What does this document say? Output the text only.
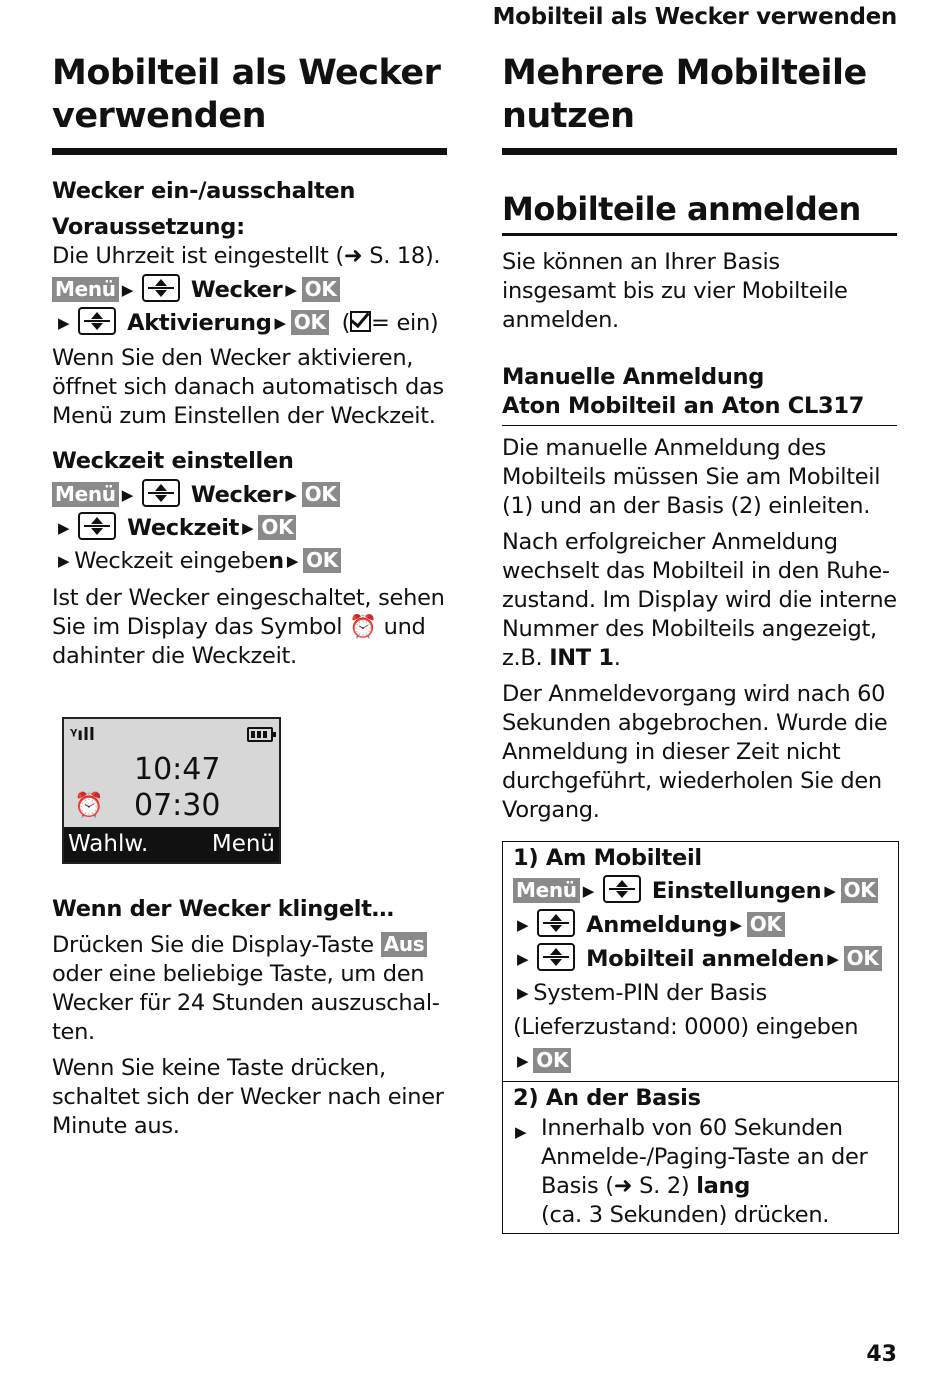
Mobilteil als Wecker verwenden
Mobilteil als Wecker verwenden
Wecker ein-/ausschalten
Voraussetzung:

Die Uhrzeit ist eingestellt (➜ S. 18).

Menü ▶	Wecker ▶ OK
▶	Aktivierung ▶ OK ( = ein)

Wenn Sie den Wecker aktivieren, öffnet sich danach automatisch das Menü zum Einstellen der Weckzeit.

Weckzeit einstellen
Menü ▶	Wecker ▶ OK
▶	Weckzeit ▶ OK
▶ Weckzeit eingeben ▶ OK

Ist der Wecker eingeschaltet, sehen Sie im Display das Symbol ⏰ und dahinter die Weckzeit.

ᵞıll
10:47
⏰ 07:30
Wahlw.	Menü
Wenn der Wecker klingelt…

Drücken Sie die Display-Taste Aus oder eine beliebige Taste, um den Wecker für 24 Stunden auszuschalten.

Wenn Sie keine Taste drücken, schaltet sich der Wecker nach einer Minute aus.

Mehrere Mobilteile nutzen
Mobilteile anmelden

Sie können an Ihrer Basis insgesamt bis zu vier Mobilteile anmelden.

Manuelle Anmeldung
Aton Mobilteil an Aton CL317

Die manuelle Anmeldung des Mobilteils müssen Sie am Mobilteil (1) und an der Basis (2) einleiten.

Nach erfolgreicher Anmeldung wechselt das Mobilteil in den Ruhezustand. Im Display wird die interne Nummer des Mobilteils angezeigt, z.B. INT 1.

Der Anmeldevorgang wird nach 60 Sekunden abgebrochen. Wurde die Anmeldung in dieser Zeit nicht durchgeführt, wiederholen Sie den Vorgang.

1) Am Mobilteil
Menü ▶	Einstellungen ▶ OK
▶	Anmeldung ▶ OK
▶	Mobilteil anmelden ▶ OK
▶ System-PIN der Basis
(Lieferzustand: 0000) eingeben
▶ OK
2) An der Basis
▶ Innerhalb von 60 Sekunden Anmelde-/Paging-Taste an der Basis (➜ S. 2) lang
(ca. 3 Sekunden) drücken.

43
